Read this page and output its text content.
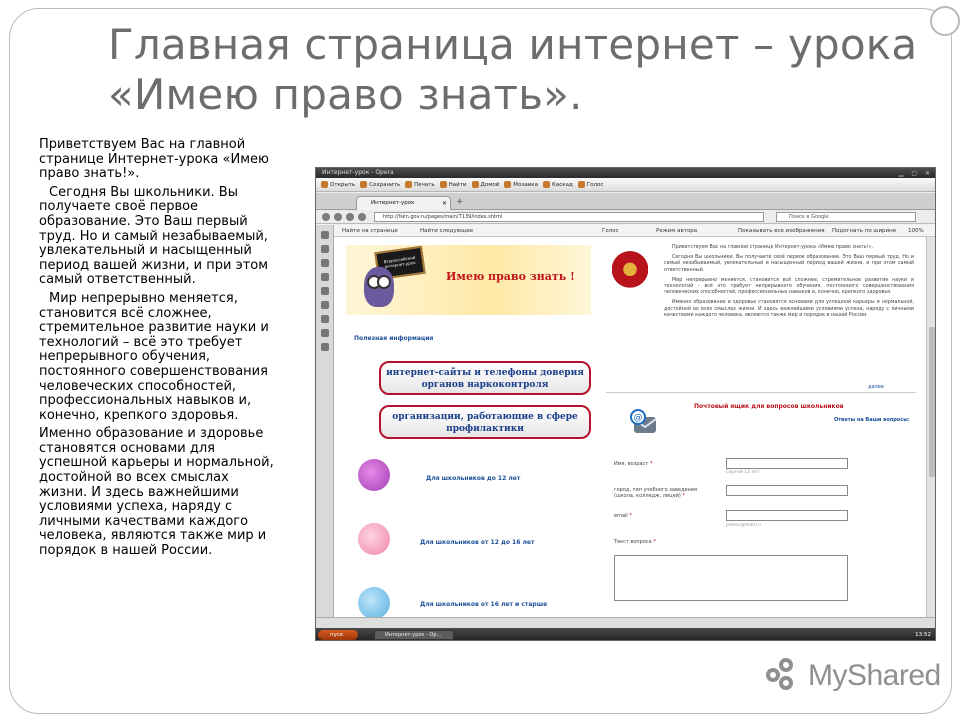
Главная страница интернет – урока «Имею право знать».

Приветствуем Вас на главной странице Интернет-урока «Имею право знать!».

Сегодня Вы школьники. Вы получаете своё первое образование. Это Ваш первый труд. Но и самый незабываемый, увлекательный и насыщенный период вашей жизни, и при этом самый ответственный.

Мир непрерывно меняется, становится всё сложнее, стремительное развитие науки и технологий – всё это требует непрерывного обучения, постоянного совершенствования человеческих способностей, профессиональных навыков и, конечно, крепкого здоровья.

Именно образование и здоровье становятся основами для успешной карьеры и нормальной, достойной во всех смыслах жизни. И здесь важнейшими условиями успеха, наряду с личными качествами каждого человека, являются также мир и порядок в нашей России.

Интернет-урок - Opera	▁ ▢ ✕
Открыть	Сохранить	Печать	Найти	Домой	Мозаика	Каскад	Голос
Интернет-урок	✕ +
http://fskn.gov.ru/pages/main/7139/index.shtml	Поиск в Google
Найти на странице	Найти следующее	Голос	Режим автора	Показывать все изображения Подогнать по ширине 100%
Всероссийский интернет-урок
Имею право знать !
Полезная информация
интернет-сайты и телефоны доверия органов наркоконтроля
организации, работающие в сфере профилактики
Для школьников до 12 лет
Для школьников от 12 до 16 лет
Для школьников от 16 лет и старше

Приветствуем Вас на главной странице Интернет-урока «Имею право знать!».

Сегодня Вы школьники. Вы получаете своё первое образование. Это Ваш первый труд. Но и самый незабываемый, увлекательный и насыщенный период вашей жизни, и при этом самый ответственный.

Мир непрерывно меняется, становится всё сложнее, стремительное развитие науки и технологий - всё это требует непрерывного обучения, постоянного совершенствования человеческих способностей, профессиональных навыков и, конечно, крепкого здоровья.

Именно образование и здоровье становятся основами для успешной карьеры и нормальной, достойной во всех смыслах жизни. И здесь важнейшими условиями успеха, наряду с личными качествами каждого человека, являются также мир и порядок в нашей России.

далее
Почтовый ящик для вопросов школьников
@	Ответы на Ваши вопросы:
Имя, возраст *
Сергей 12 лет
город, тип учебного заведения (школа, колледж, лицей) *
email *
petrov@mail.ru
Текст вопроса *
пуск	Интернет-урок - Op...	13:52
MyShared
